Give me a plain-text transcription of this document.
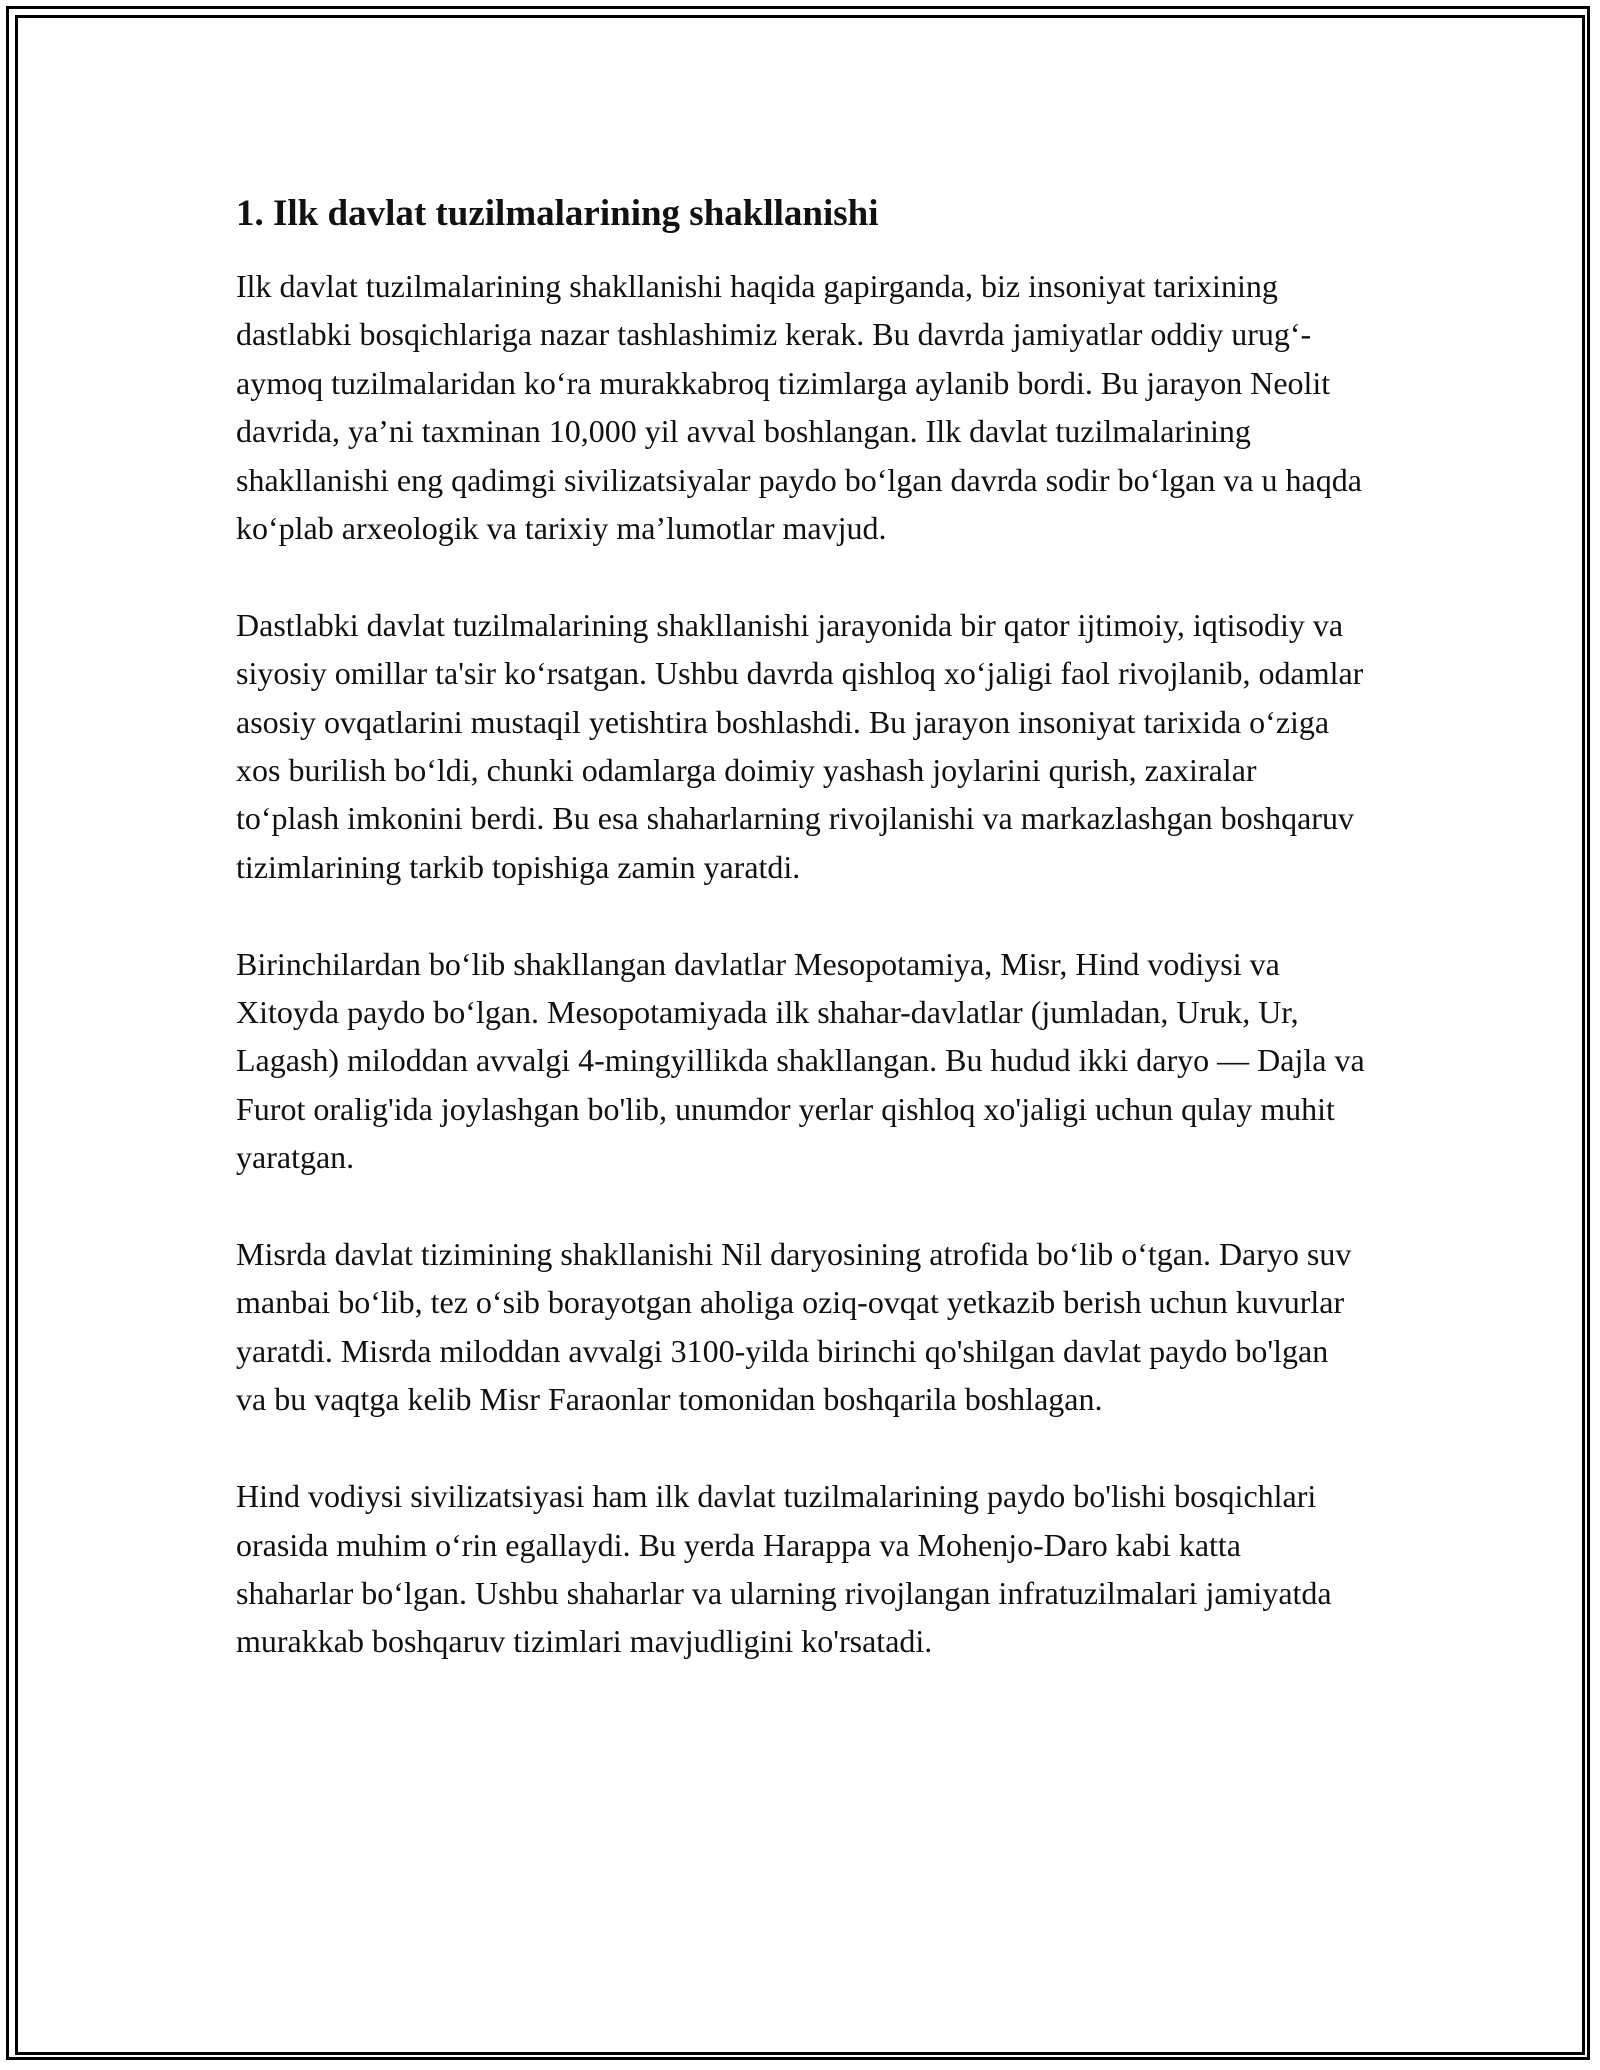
1. Ilk davlat tuzilmalarining shakllanishi

Ilk davlat tuzilmalarining shakllanishi haqida gapirganda, biz insoniyat tarixining dastlabki bosqichlariga nazar tashlashimiz kerak. Bu davrda jamiyatlar oddiy urugʻ-aymoq tuzilmalaridan koʻra murakkabroq tizimlarga aylanib bordi. Bu jarayon Neolit davrida, ya’ni taxminan 10,000 yil avval boshlangan. Ilk davlat tuzilmalarining shakllanishi eng qadimgi sivilizatsiyalar paydo boʻlgan davrda sodir boʻlgan va u haqda koʻplab arxeologik va tarixiy ma’lumotlar mavjud.

Dastlabki davlat tuzilmalarining shakllanishi jarayonida bir qator ijtimoiy, iqtisodiy va siyosiy omillar ta'sir koʻrsatgan. Ushbu davrda qishloq xoʻjaligi faol rivojlanib, odamlar asosiy ovqatlarini mustaqil yetishtira boshlashdi. Bu jarayon insoniyat tarixida oʻziga xos burilish boʻldi, chunki odamlarga doimiy yashash joylarini qurish, zaxiralar toʻplash imkonini berdi. Bu esa shaharlarning rivojlanishi va markazlashgan boshqaruv tizimlarining tarkib topishiga zamin yaratdi.

Birinchilardan boʻlib shakllangan davlatlar Mesopotamiya, Misr, Hind vodiysi va Xitoyda paydo boʻlgan. Mesopotamiyada ilk shahar-davlatlar (jumladan, Uruk, Ur, Lagash) miloddan avvalgi 4-mingyillikda shakllangan. Bu hudud ikki daryo — Dajla va Furot oralig'ida joylashgan bo'lib, unumdor yerlar qishloq xo'jaligi uchun qulay muhit yaratgan.

Misrda davlat tizimining shakllanishi Nil daryosining atrofida boʻlib oʻtgan. Daryo suv manbai boʻlib, tez oʻsib borayotgan aholiga oziq-ovqat yetkazib berish uchun kuvurlar yaratdi. Misrda miloddan avvalgi 3100-yilda birinchi qo'shilgan davlat paydo bo'lgan va bu vaqtga kelib Misr Faraonlar tomonidan boshqarila boshlagan.

Hind vodiysi sivilizatsiyasi ham ilk davlat tuzilmalarining paydo bo'lishi bosqichlari orasida muhim oʻrin egallaydi. Bu yerda Harappa va Mohenjo-Daro kabi katta shaharlar boʻlgan. Ushbu shaharlar va ularning rivojlangan infratuzilmalari jamiyatda murakkab boshqaruv tizimlari mavjudligini ko'rsatadi.
